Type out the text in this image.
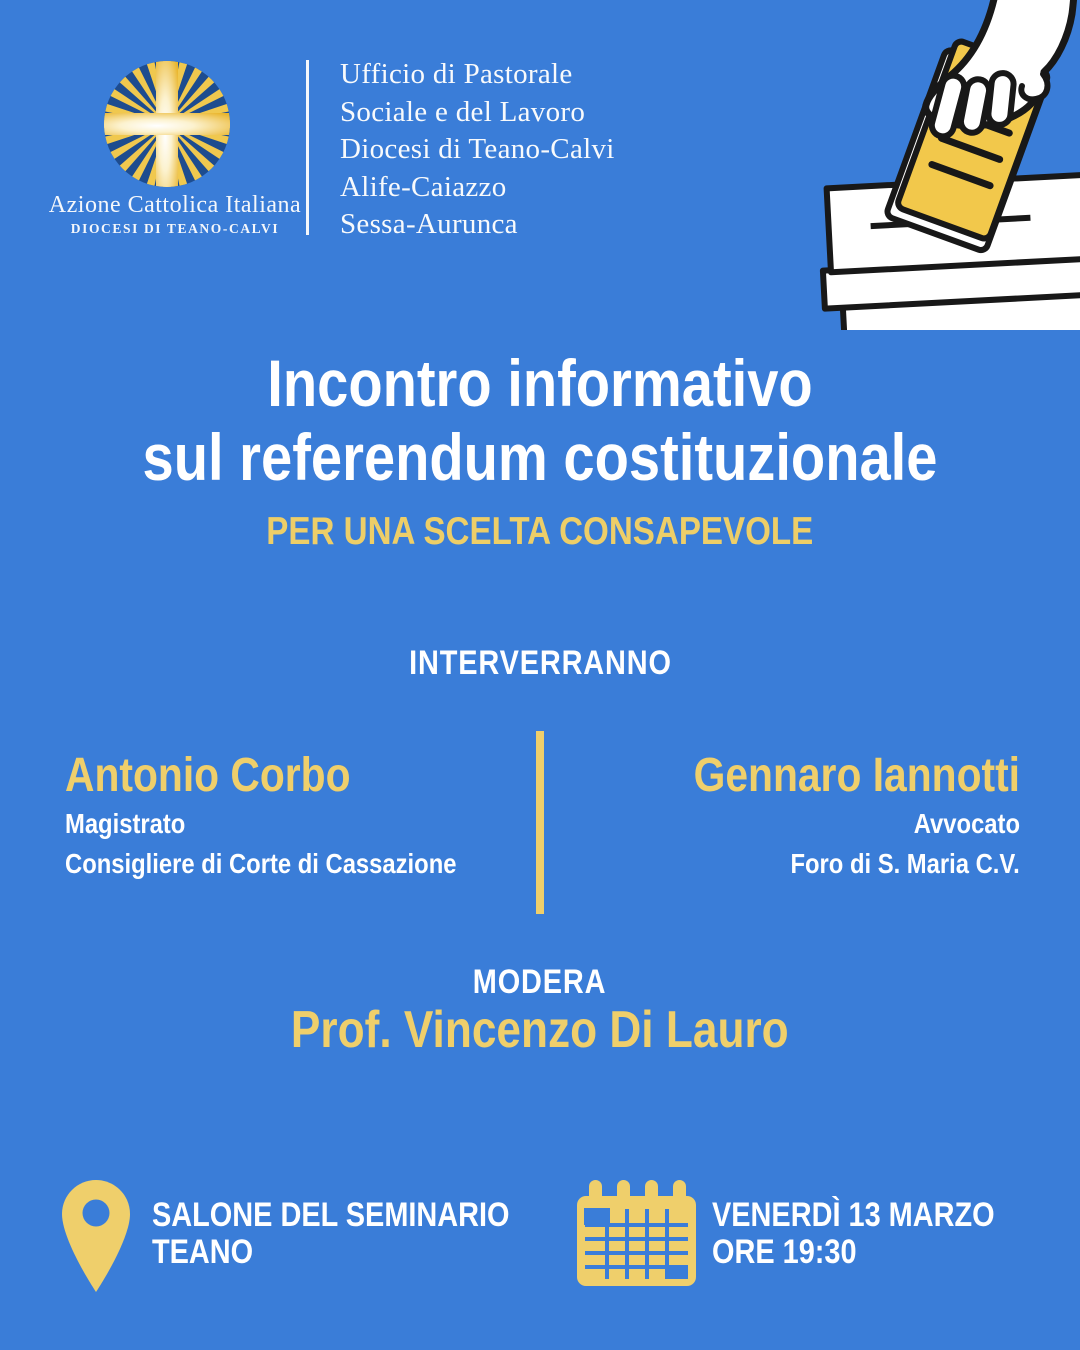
Azione Cattolica Italiana
DIOCESI DI TEANO-CALVI
Ufficio di Pastorale
Sociale e del Lavoro
Diocesi di Teano-Calvi
Alife-Caiazzo
Sessa-Aurunca
Incontro informativo
sul referendum costituzionale
PER UNA SCELTA CONSAPEVOLE
INTERVERRANNO
Antonio Corbo
Magistrato
Consigliere di Corte di Cassazione
Gennaro Iannotti
Avvocato
Foro di S. Maria C.V.
MODERA
Prof. Vincenzo Di Lauro
SALONE DEL SEMINARIO
TEANO
VENERDÌ 13 MARZO
ORE 19:30
